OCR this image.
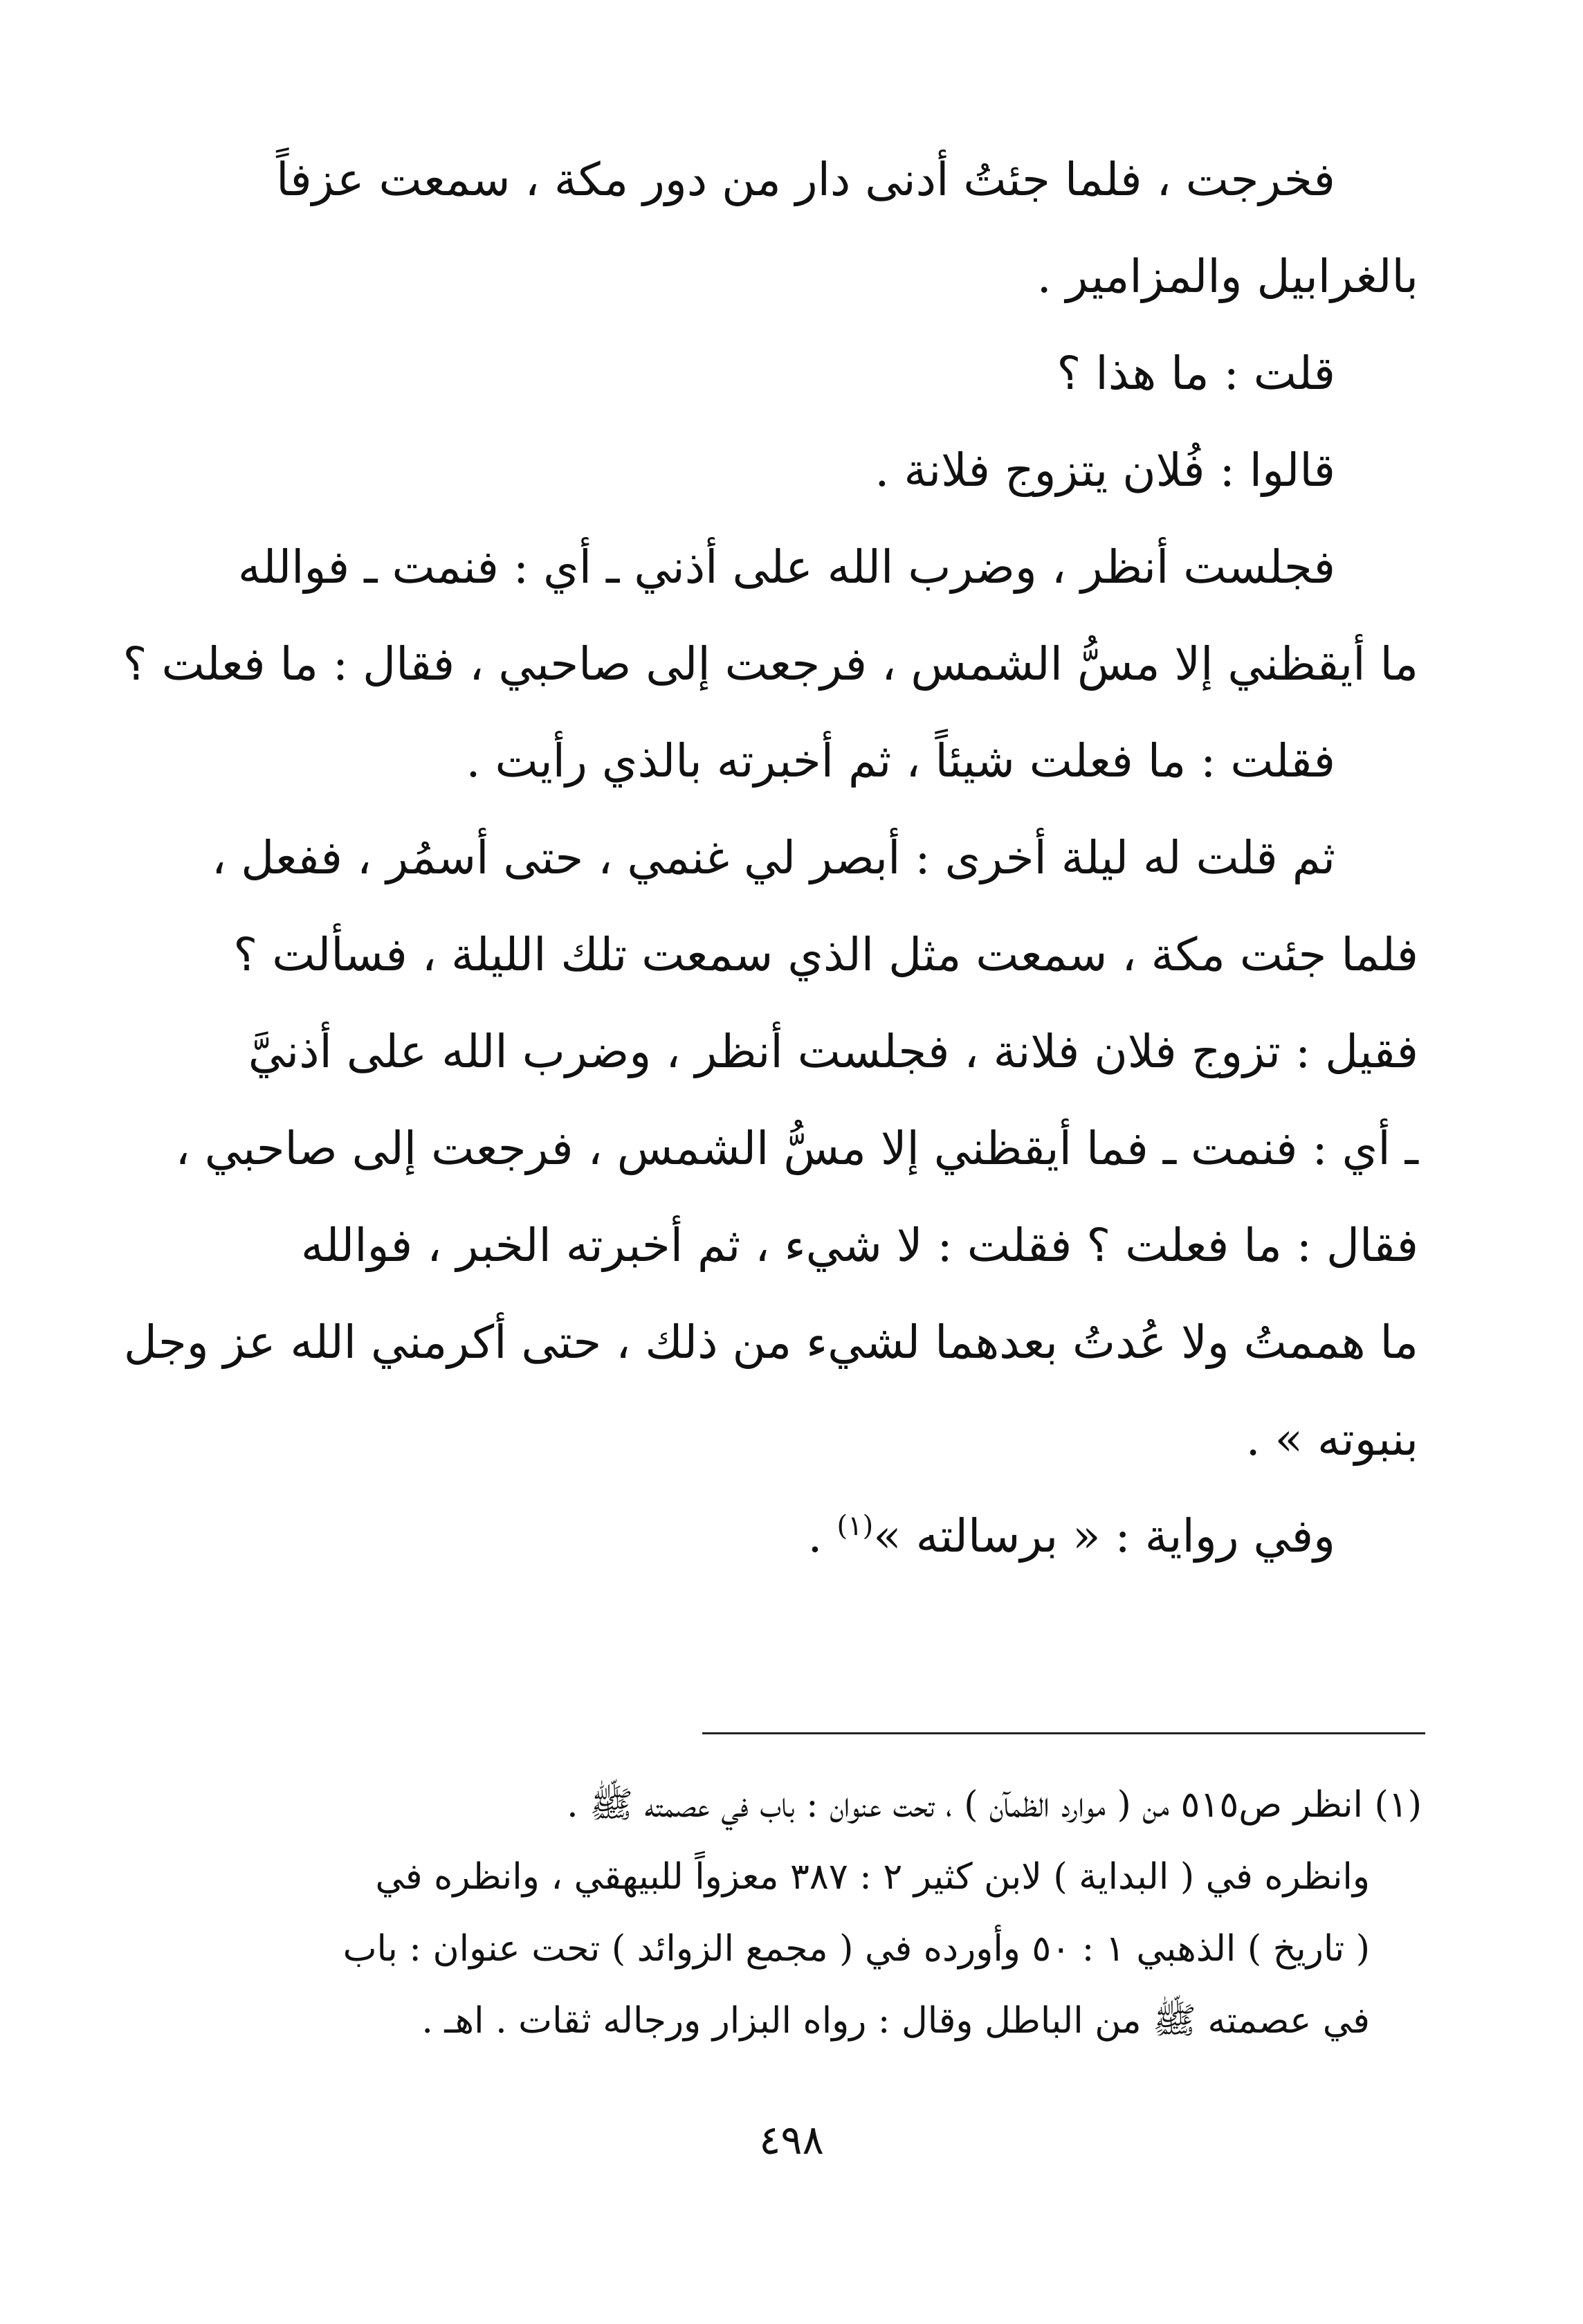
فخرجت ، فلما جئتُ أدنى دار من دور مكة ، سمعت عزفاً
بالغرابيل والمزامير .
قلت : ما هذا ؟
قالوا : فُلان يتزوج فلانة .
فجلست أنظر ، وضرب الله على أذني ـ أي : فنمت ـ فوالله
ما أيقظني إلا مسُّ الشمس ، فرجعت إلى صاحبي ، فقال : ما فعلت ؟
فقلت : ما فعلت شيئاً ، ثم أخبرته بالذي رأيت .
ثم قلت له ليلة أخرى : أبصر لي غنمي ، حتى أسمُر ، ففعل ،
فلما جئت مكة ، سمعت مثل الذي سمعت تلك الليلة ، فسألت ؟
فقيل : تزوج فلان فلانة ، فجلست أنظر ، وضرب الله على أذنيَّ
ـ أي : فنمت ـ فما أيقظني إلا مسُّ الشمس ، فرجعت إلى صاحبي ،
فقال : ما فعلت ؟ فقلت : لا شيء ، ثم أخبرته الخبر ، فوالله
ما هممتُ ولا عُدتُ بعدهما لشيء من ذلك ، حتى أكرمني الله عز وجل
بنبوته » .
وفي رواية : « برسالته »$^{(١)}$ .
(١) انظر ص٥١٥ من ( موارد الظمآن ) ، تحت عنوان : باب في عصمته ﷺ .
وانظره في ( البداية ) لابن كثير ٢ : ٣٨٧ معزواً للبيهقي ، وانظره في
( تاريخ ) الذهبي ١ : ٥٠ وأورده في ( مجمع الزوائد ) تحت عنوان : باب
في عصمته ﷺ من الباطل وقال : رواه البزار ورجاله ثقات . اهـ .
٤٩٨
